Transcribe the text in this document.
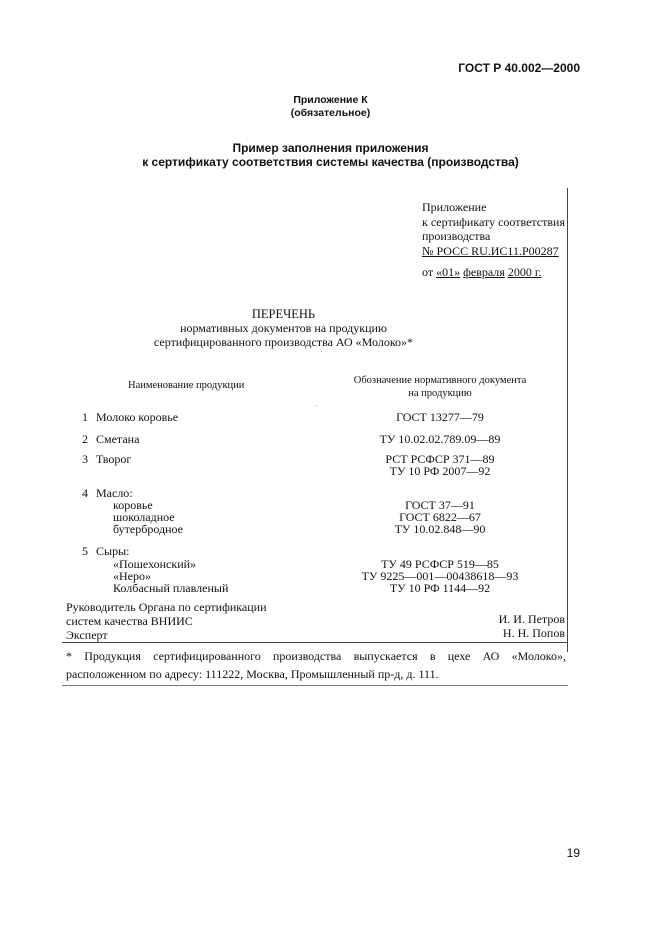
ГОСТ Р 40.002—2000
Приложение К
(обязательное)
Пример заполнения приложения
к сертификату соответствия системы качества (производства)
Приложение
к сертификату соответствия
производства
№ РОСС RU.ИС11.Р00287
от «01» февраля 2000 г.
ПЕРЕЧЕНЬ
нормативных документов на продукцию
сертифицированного производства АО «Молоко»*
Наименование продукции	Обозначение нормативного документа
на продукцию
1 Молоко коровье	ГОСТ 13277—79
2 Сметана	ТУ 10.02.02.789.09—89
3 Творог	РСТ РСФСР 371—89
ТУ 10 РФ 2007—92
4 Масло:
коровье	ГОСТ 37—91
шоколадное	ГОСТ 6822—67
бутербродное	ТУ 10.02.848—90
5 Сыры:
«Пошехонский»	ТУ 49 РСФСР 519—85
«Неро»	ТУ 9225—001—00438618—93
Колбасный плавленый	ТУ 10 РФ 1144—92
Руководитель Органа по сертификации
систем качества ВНИИС
Эксперт
И. И. Петров
Н. Н. Попов
* Продукция сертифицированного производства выпускается в цехе АО «Молоко», расположенном по адресу: 111222, Москва, Промышленный пр-д, д. 111.
19
